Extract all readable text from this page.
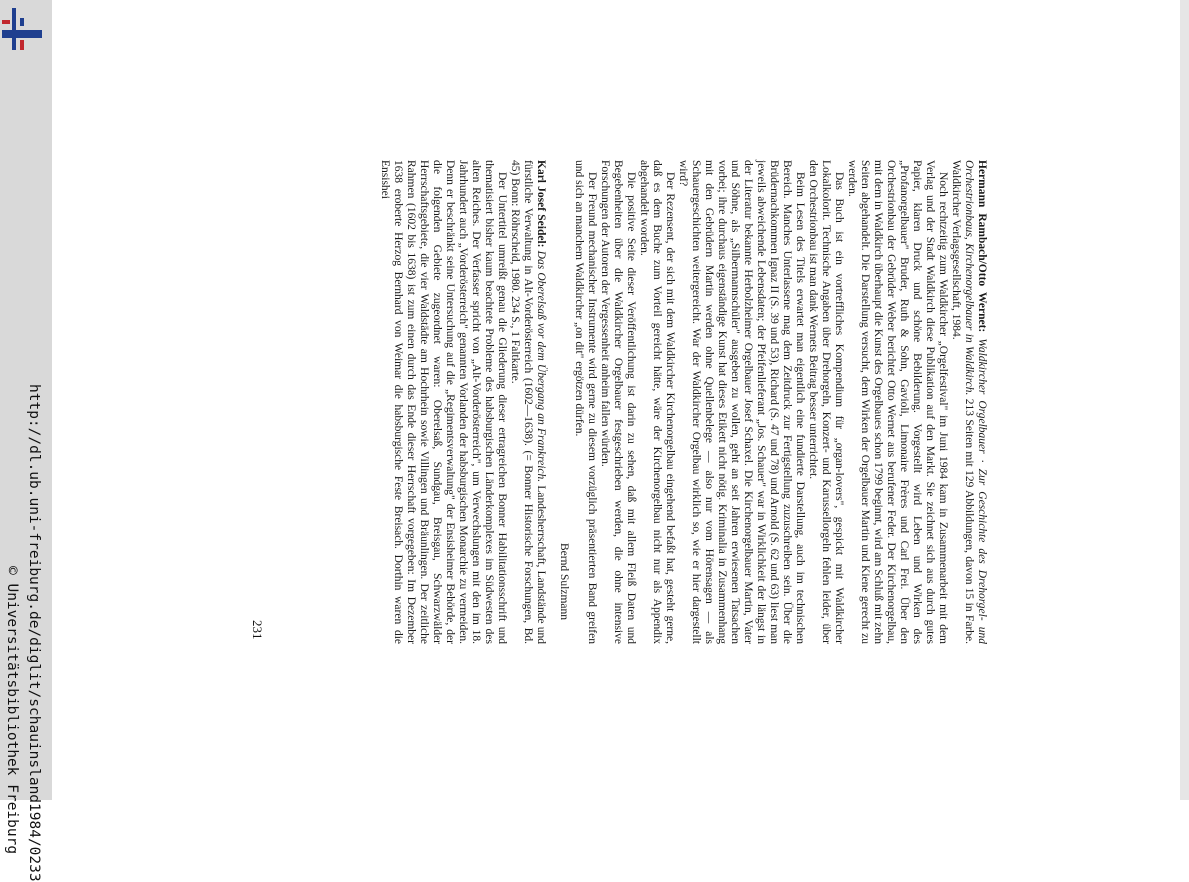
http://dl.ub.uni-freiburg.de/diglit/schauinsland1984/0233
© Universitätsbibliothek Freiburg	231

Hermann Rambach/Otto Wernet: Waldkircher Orgelbauer · Zur Geschichte des Drehorgel- und Orchestrionbaus, Kirchenorgelbauer in Waldkirch. 213 Seiten mit 129 Abbildungen, davon 15 in Farbe. Waldkircher Verlagsgesellschaft, 1984.

Noch rechtzeitig zum Waldkircher „Orgelfestival" im Juni 1984 kam in Zusammenarbeit mit dem Verlag und der Stadt Waldkirch diese Publikation auf den Markt. Sie zeichnet sich aus durch gutes Papier, klaren Druck und schöne Bebilderung. Vorgestellt wird Leben und Wirken des „Profanorgelbauer" Bruder, Ruth & Sohn, Gavioli, Limonaire Frères und Carl Frei. Über den Orchestrionbau der Gebrüder Weber berichtet Otto Wernet aus berufener Feder. Der Kirchenorgelbau, mit dem in Waldkirch überhaupt die Kunst des Orgelbaues schon 1799 beginnt, wird am Schluß mit zehn Seiten abgehandelt. Die Darstellung versucht, dem Wirken der Orgelbauer Martin und Kiene gerecht zu werden.

Das Buch ist ein vortreffliches Kompendium für „organ-lovers", gespickt mit Waldkircher Lokalkolorit. Technische Angaben über Drehorgeln, Konzert- und Karussellorgeln fehlen leider, über den Orchestrionbau ist man dank Wernets Beitrag besser unterrichtet.

Beim Lesen des Titels erwartet man eigentlich eine fundierte Darstellung, auch im technischen Bereich. Manches Unterlassene mag dem Zeitdruck zur Fertigstellung zuzuschreiben sein. Über die Brüdernachkommen Ignaz II (S. 39 und 53), Richard (S. 47 und 78) und Arnold (S. 62 und 63) liest man jeweils abweichende Lebensdaten; der Pfeifenlieferant „Jos. Schauer" war in Wirklichkeit der längst in der Literatur bekannte Herbolzheimer Orgelbauer Josef Schaxel. Die Kirchenorgelbauer Martin, Vater und Söhne, als „Silbermannschüler" ausgeben zu wollen, geht an seit Jahren erwiesenen Tatsachen vorbei; ihre durchaus eigenständige Kunst hat dieses Etikett nicht nötig. Kriminalia in Zusammenhang mit den Gebrüdern Martin werden ohne Quellenbelege — also nur vom Hörensagen — als Schauergeschichten weitergereicht. War der Waldkircher Orgelbau wirklich so, wie er hier dargestellt wird?

Der Rezensent, der sich mit dem Waldkircher Kirchenorgelbau eingehend befaßt hat, gesteht gerne, daß es dem Buche zum Vorteil gereicht hätte, wäre der Kirchenorgelbau nicht nur als Appendix abgehandelt worden.

Die positive Seite dieser Veröffentlichung ist darin zu sehen, daß mit allem Fleiß Daten und Begebenheiten über die Waldkircher Orgelbauer festgeschrieben werden, die ohne intensive Forschungen der Autoren der Vergessenheit anheim fallen würden.

Der Freund mechanischer Instrumente wird gerne zu diesem vorzüglich präsentierten Band greifen und sich an manchem Waldkircher „on dit" ergötzen dürfen.

Bernd Sulzmann

Karl Josef Seidel: Das Oberelsaß vor dem Übergang an Frankreich. Landesherrschaft, Landstände und fürstliche Verwaltung in Alt-Vorderösterreich (1602—1638). (= Bonner Historische Forschungen, Bd. 45) Bonn: Röhrscheid, 1980. 234 S., 1 Faltkarte.

Der Untertitel umreißt genau die Gliederung dieser ertragreichen Bonner Habilitationsschrift und thematisiert bisher kaum beachtete Probleme des habsburgischen Länderkomplexes im Südwesten des alten Reiches. Der Verfasser spricht von „Alt-Vorderösterreich", um Verwechslungen mit den im 18. Jahrhundert auch „Vorderösterreich" genannten Vorlanden der habsburgischen Monarchie zu vermeiden. Denn er beschränkt seine Untersuchung auf die „Regimentsverwaltung" der Ensisheimer Behörde, der die folgenden Gebiete zugeordnet waren: Oberelsaß, Sundgau, Breisgau, Schwarzwälder Herrschaftsgebiete, die vier Waldstädte am Hochrhein sowie Villingen und Bräunlingen. Der zeitliche Rahmen (1602 bis 1638) ist zum einen durch das Ende dieser Herrschaft vorgegeben: Im Dezember 1638 eroberte Herzog Bernhard von Weimar die habsburgische Feste Breisach. Dorthin waren die Ensishei
